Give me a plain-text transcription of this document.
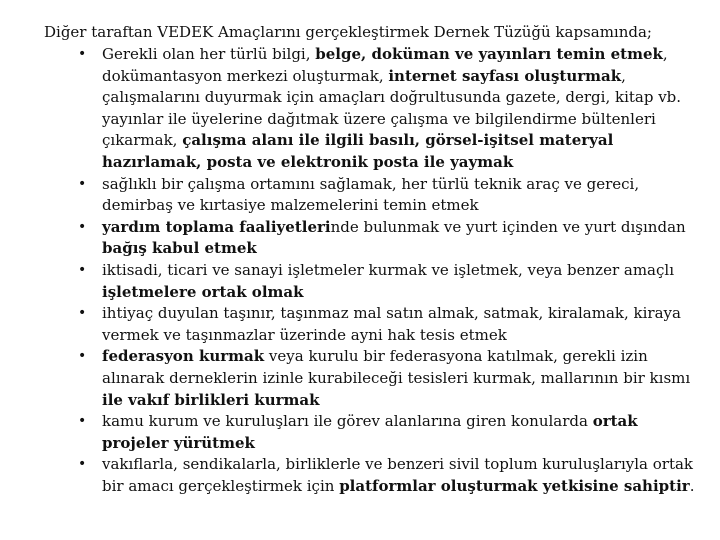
Diğer taraftan VEDEK Amaçlarını gerçekleştirmek Dernek Tüzüğü kapsamında;

• Gerekli olan her türlü bilgi, belge, doküman ve yayınları temin etmek, dokümantasyon merkezi oluşturmak, internet sayfası oluşturmak, çalışmalarını duyurmak için amaçları doğrultusunda gazete, dergi, kitap vb. yayınlar ile üyelerine dağıtmak üzere çalışma ve bilgilendirme bültenleri çıkarmak, çalışma alanı ile ilgili basılı, görsel-işitsel materyal hazırlamak, posta ve elektronik posta ile yaymak
• sağlıklı bir çalışma ortamını sağlamak, her türlü teknik araç ve gereci, demirbaş ve kırtasiye malzemelerini temin etmek
• yardım toplama faaliyetlerinde bulunmak ve yurt içinden ve yurt dışından bağış kabul etmek
• iktisadi, ticari ve sanayi işletmeler kurmak ve işletmek, veya benzer amaçlı işletmelere ortak olmak
• ihtiyaç duyulan taşınır, taşınmaz mal satın almak, satmak, kiralamak, kiraya vermek ve taşınmazlar üzerinde ayni hak tesis etmek
• federasyon kurmak veya kurulu bir federasyona katılmak, gerekli izin alınarak derneklerin izinle kurabileceği tesisleri kurmak, mallarının bir kısmı ile vakıf birlikleri kurmak
• kamu kurum ve kuruluşları ile görev alanlarına giren konularda ortak projeler yürütmek
• vakıflarla, sendikalarla, birliklerle ve benzeri sivil toplum kuruluşlarıyla ortak bir amacı gerçekleştirmek için platformlar oluşturmak yetkisine sahiptir.
